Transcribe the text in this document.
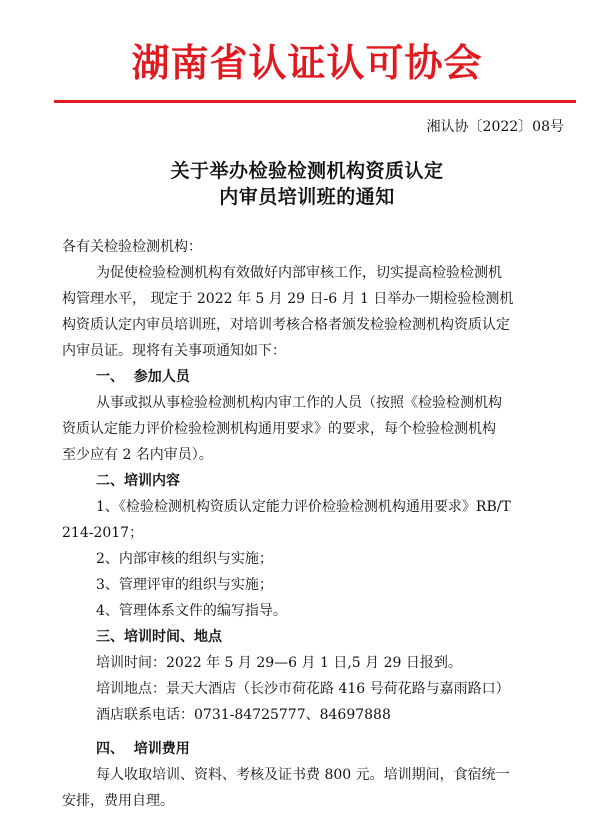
湖南省认证认可协会
湘认协〔2022〕08号
关于举办检验检测机构资质认定
内审员培训班的通知
各有关检验检测机构：
为促使检验检测机构有效做好内部审核工作，切实提高检验检测机
构管理水平， 现定于 2022 年 5 月 29 日-6 月 1 日举办一期检验检测机
构资质认定内审员培训班，对培训考核合格者颁发检验检测机构资质认定
内审员证。现将有关事项通知如下：
一、  参加人员
从事或拟从事检验检测机构内审工作的人员（按照《检验检测机构
资质认定能力评价检验检测机构通用要求》的要求，每个检验检测机构
至少应有 2 名内审员）。
二、培训内容
1、《检验检测机构资质认定能力评价检验检测机构通用要求》RB/T
214-2017；
2、内部审核的组织与实施；
3、管理评审的组织与实施；
4、管理体系文件的编写指导。
三、培训时间、地点
培训时间：2022 年 5 月 29—6 月 1 日,5 月 29 日报到。
培训地点：景天大酒店（长沙市荷花路 416 号荷花路与嘉雨路口）
酒店联系电话：0731-84725777、84697888
四、  培训费用
每人收取培训、资料、考核及证书费 800 元。培训期间，食宿统一
安排，费用自理。
